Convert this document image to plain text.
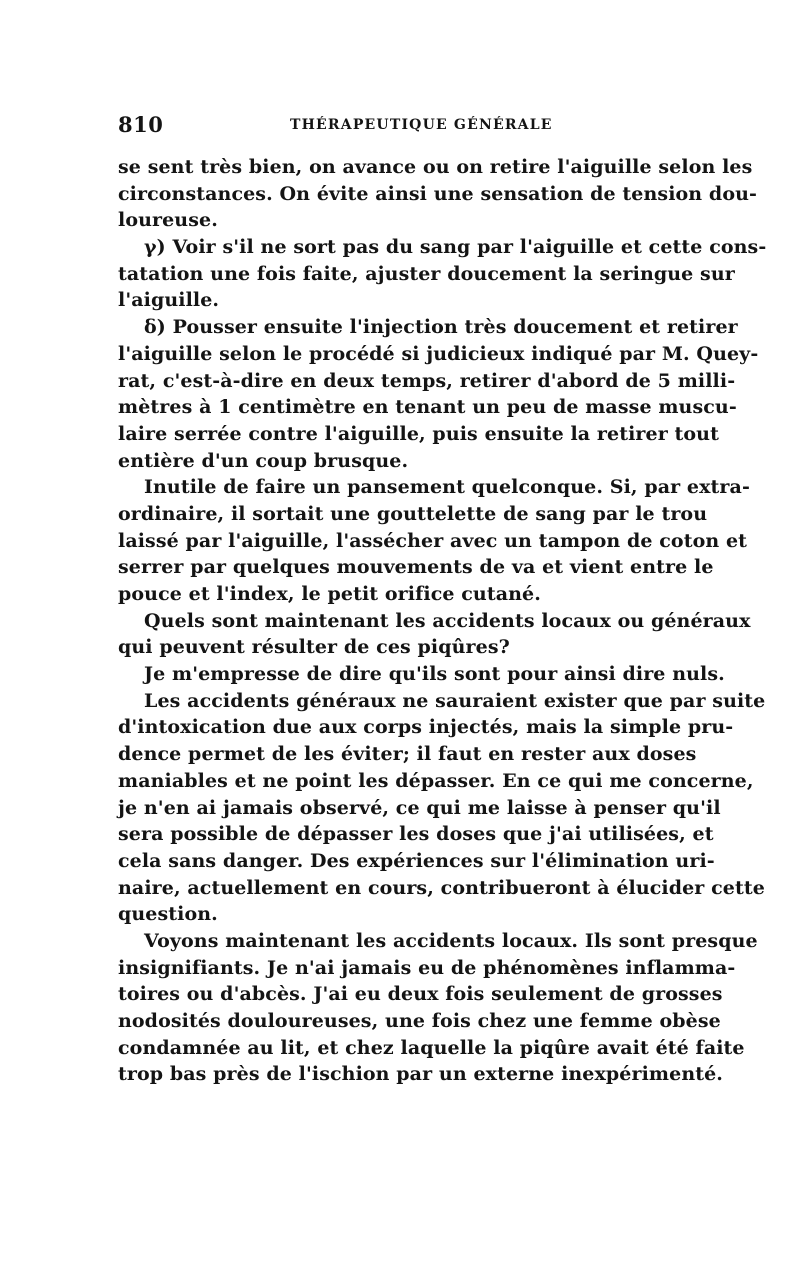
810	THÉRAPEUTIQUE GÉNÉRALE
se sent très bien, on avance ou on retire l'aiguille selon les
circonstances. On évite ainsi une sensation de tension dou-
loureuse.
γ) Voir s'il ne sort pas du sang par l'aiguille et cette cons-
tatation une fois faite, ajuster doucement la seringue sur
l'aiguille.
δ) Pousser ensuite l'injection très doucement et retirer
l'aiguille selon le procédé si judicieux indiqué par M. Quey-
rat, c'est-à-dire en deux temps, retirer d'abord de 5 milli-
mètres à 1 centimètre en tenant un peu de masse muscu-
laire serrée contre l'aiguille, puis ensuite la retirer tout
entière d'un coup brusque.
Inutile de faire un pansement quelconque. Si, par extra-
ordinaire, il sortait une gouttelette de sang par le trou
laissé par l'aiguille, l'assécher avec un tampon de coton et
serrer par quelques mouvements de va et vient entre le
pouce et l'index, le petit orifice cutané.
Quels sont maintenant les accidents locaux ou généraux
qui peuvent résulter de ces piqûres?
Je m'empresse de dire qu'ils sont pour ainsi dire nuls.
Les accidents généraux ne sauraient exister que par suite
d'intoxication due aux corps injectés, mais la simple pru-
dence permet de les éviter; il faut en rester aux doses
maniables et ne point les dépasser. En ce qui me concerne,
je n'en ai jamais observé, ce qui me laisse à penser qu'il
sera possible de dépasser les doses que j'ai utilisées, et
cela sans danger. Des expériences sur l'élimination uri-
naire, actuellement en cours, contribueront à élucider cette
question.
Voyons maintenant les accidents locaux. Ils sont presque
insignifiants. Je n'ai jamais eu de phénomènes inflamma-
toires ou d'abcès. J'ai eu deux fois seulement de grosses
nodosités douloureuses, une fois chez une femme obèse
condamnée au lit, et chez laquelle la piqûre avait été faite
trop bas près de l'ischion par un externe inexpérimenté.
